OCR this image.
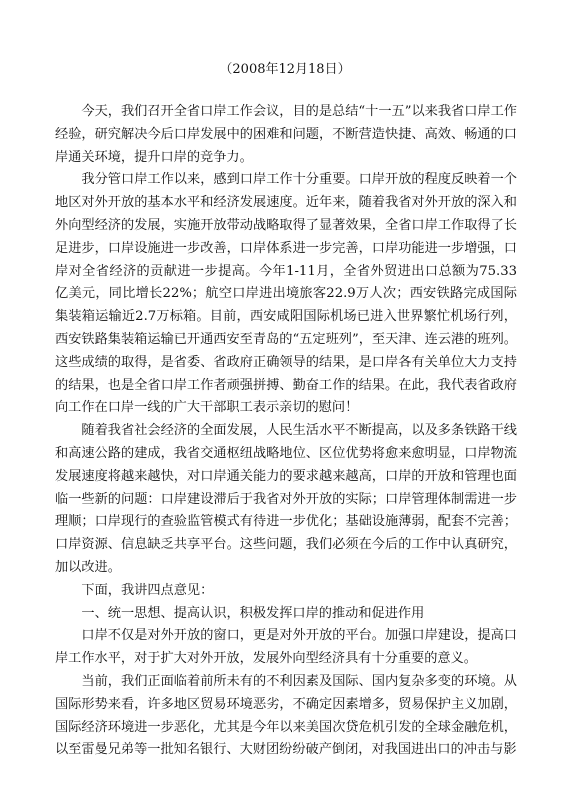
（2008年12月18日）

今天，我们召开全省口岸工作会议，目的是总结“十一五”以来我省口岸工作经验，研究解决今后口岸发展中的困难和问题，不断营造快捷、高效、畅通的口岸通关环境，提升口岸的竞争力。

我分管口岸工作以来，感到口岸工作十分重要。口岸开放的程度反映着一个地区对外开放的基本水平和经济发展速度。近年来，随着我省对外开放的深入和外向型经济的发展，实施开放带动战略取得了显著效果，全省口岸工作取得了长足进步，口岸设施进一步改善，口岸体系进一步完善，口岸功能进一步增强，口岸对全省经济的贡献进一步提高。今年1-11月，全省外贸进出口总额为75.33亿美元，同比增长22%；航空口岸进出境旅客22.9万人次；西安铁路完成国际集装箱运输近2.7万标箱。目前，西安咸阳国际机场已进入世界繁忙机场行列，西安铁路集装箱运输已开通西安至青岛的“五定班列”，至天津、连云港的班列。这些成绩的取得，是省委、省政府正确领导的结果，是口岸各有关单位大力支持的结果，也是全省口岸工作者顽强拼搏、勤奋工作的结果。在此，我代表省政府向工作在口岸一线的广大干部职工表示亲切的慰问！

随着我省社会经济的全面发展，人民生活水平不断提高，以及多条铁路干线和高速公路的建成，我省交通枢纽战略地位、区位优势将愈来愈明显，口岸物流发展速度将越来越快，对口岸通关能力的要求越来越高，口岸的开放和管理也面临一些新的问题：口岸建设滞后于我省对外开放的实际；口岸管理体制需进一步理顺；口岸现行的查验监管模式有待进一步优化；基础设施薄弱，配套不完善；口岸资源、信息缺乏共享平台。这些问题，我们必须在今后的工作中认真研究，加以改进。

下面，我讲四点意见：

一、统一思想、提高认识，积极发挥口岸的推动和促进作用

口岸不仅是对外开放的窗口，更是对外开放的平台。加强口岸建设，提高口岸工作水平，对于扩大对外开放，发展外向型经济具有十分重要的意义。

当前，我们正面临着前所未有的不利因素及国际、国内复杂多变的环境。从国际形势来看，许多地区贸易环境恶劣，不确定因素增多，贸易保护主义加剧，国际经济环境进一步恶化，尤其是今年以来美国次贷危机引发的全球金融危机，以至雷曼兄弟等一批知名银行、大财团纷纷破产倒闭，对我国进出口的冲击与影
